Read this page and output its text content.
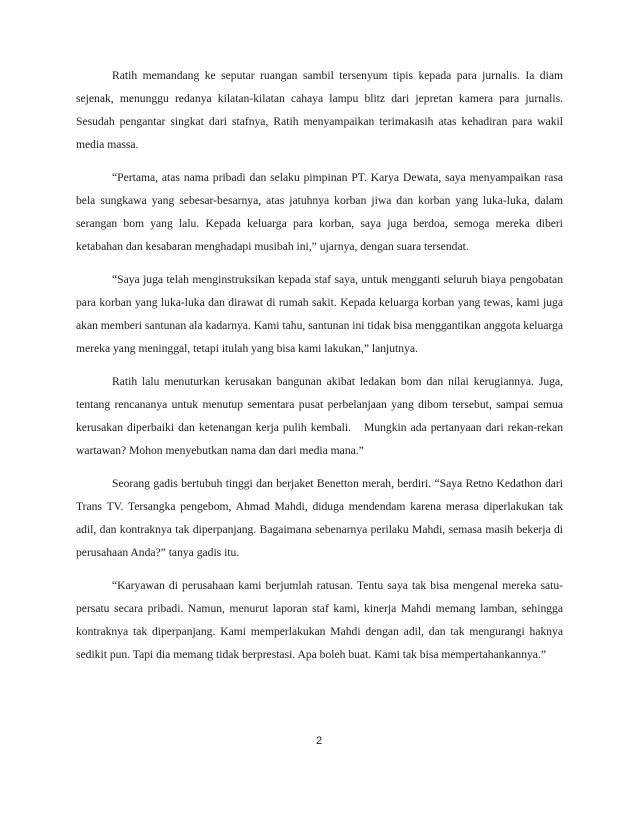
Ratih memandang ke seputar ruangan sambil tersenyum tipis kepada para jurnalis. Ia diam sejenak, menunggu redanya kilatan-kilatan cahaya lampu blitz dari jepretan kamera para jurnalis. Sesudah pengantar singkat dari stafnya, Ratih menyampaikan terimakasih atas kehadiran para wakil media massa.

“Pertama, atas nama pribadi dan selaku pimpinan PT. Karya Dewata, saya menyampaikan rasa bela sungkawa yang sebesar-besarnya, atas jatuhnya korban jiwa dan korban yang luka-luka, dalam serangan bom yang lalu. Kepada keluarga para korban, saya juga berdoa, semoga mereka diberi ketabahan dan kesabaran menghadapi musibah ini,” ujarnya, dengan suara tersendat.

“Saya juga telah menginstruksikan kepada staf saya, untuk mengganti seluruh biaya pengobatan para korban yang luka-luka dan dirawat di rumah sakit. Kepada keluarga korban yang tewas, kami juga akan memberi santunan ala kadarnya. Kami tahu, santunan ini tidak bisa menggantikan anggota keluarga mereka yang meninggal, tetapi itulah yang bisa kami lakukan,” lanjutnya.

Ratih lalu menuturkan kerusakan bangunan akibat ledakan bom dan nilai kerugiannya. Juga, tentang rencananya untuk menutup sementara pusat perbelanjaan yang dibom tersebut, sampai semua kerusakan diperbaiki dan ketenangan kerja pulih kembali.  Mungkin ada pertanyaan dari rekan-rekan wartawan? Mohon menyebutkan nama dan dari media mana.”

Seorang gadis bertubuh tinggi dan berjaket Benetton merah, berdiri. “Saya Retno Kedathon dari Trans TV. Tersangka pengebom, Ahmad Mahdi, diduga mendendam karena merasa diperlakukan tak adil, dan kontraknya tak diperpanjang. Bagaimana sebenarnya perilaku Mahdi, semasa masih bekerja di perusahaan Anda?” tanya gadis itu.

“Karyawan di perusahaan kami berjumlah ratusan. Tentu saya tak bisa mengenal mereka satu-persatu secara pribadi. Namun, menurut laporan staf kami, kinerja Mahdi memang lamban, sehingga kontraknya tak diperpanjang. Kami memperlakukan Mahdi dengan adil, dan tak mengurangi haknya sedikit pun. Tapi dia memang tidak berprestasi. Apa boleh buat. Kami tak bisa mempertahankannya.”

2
